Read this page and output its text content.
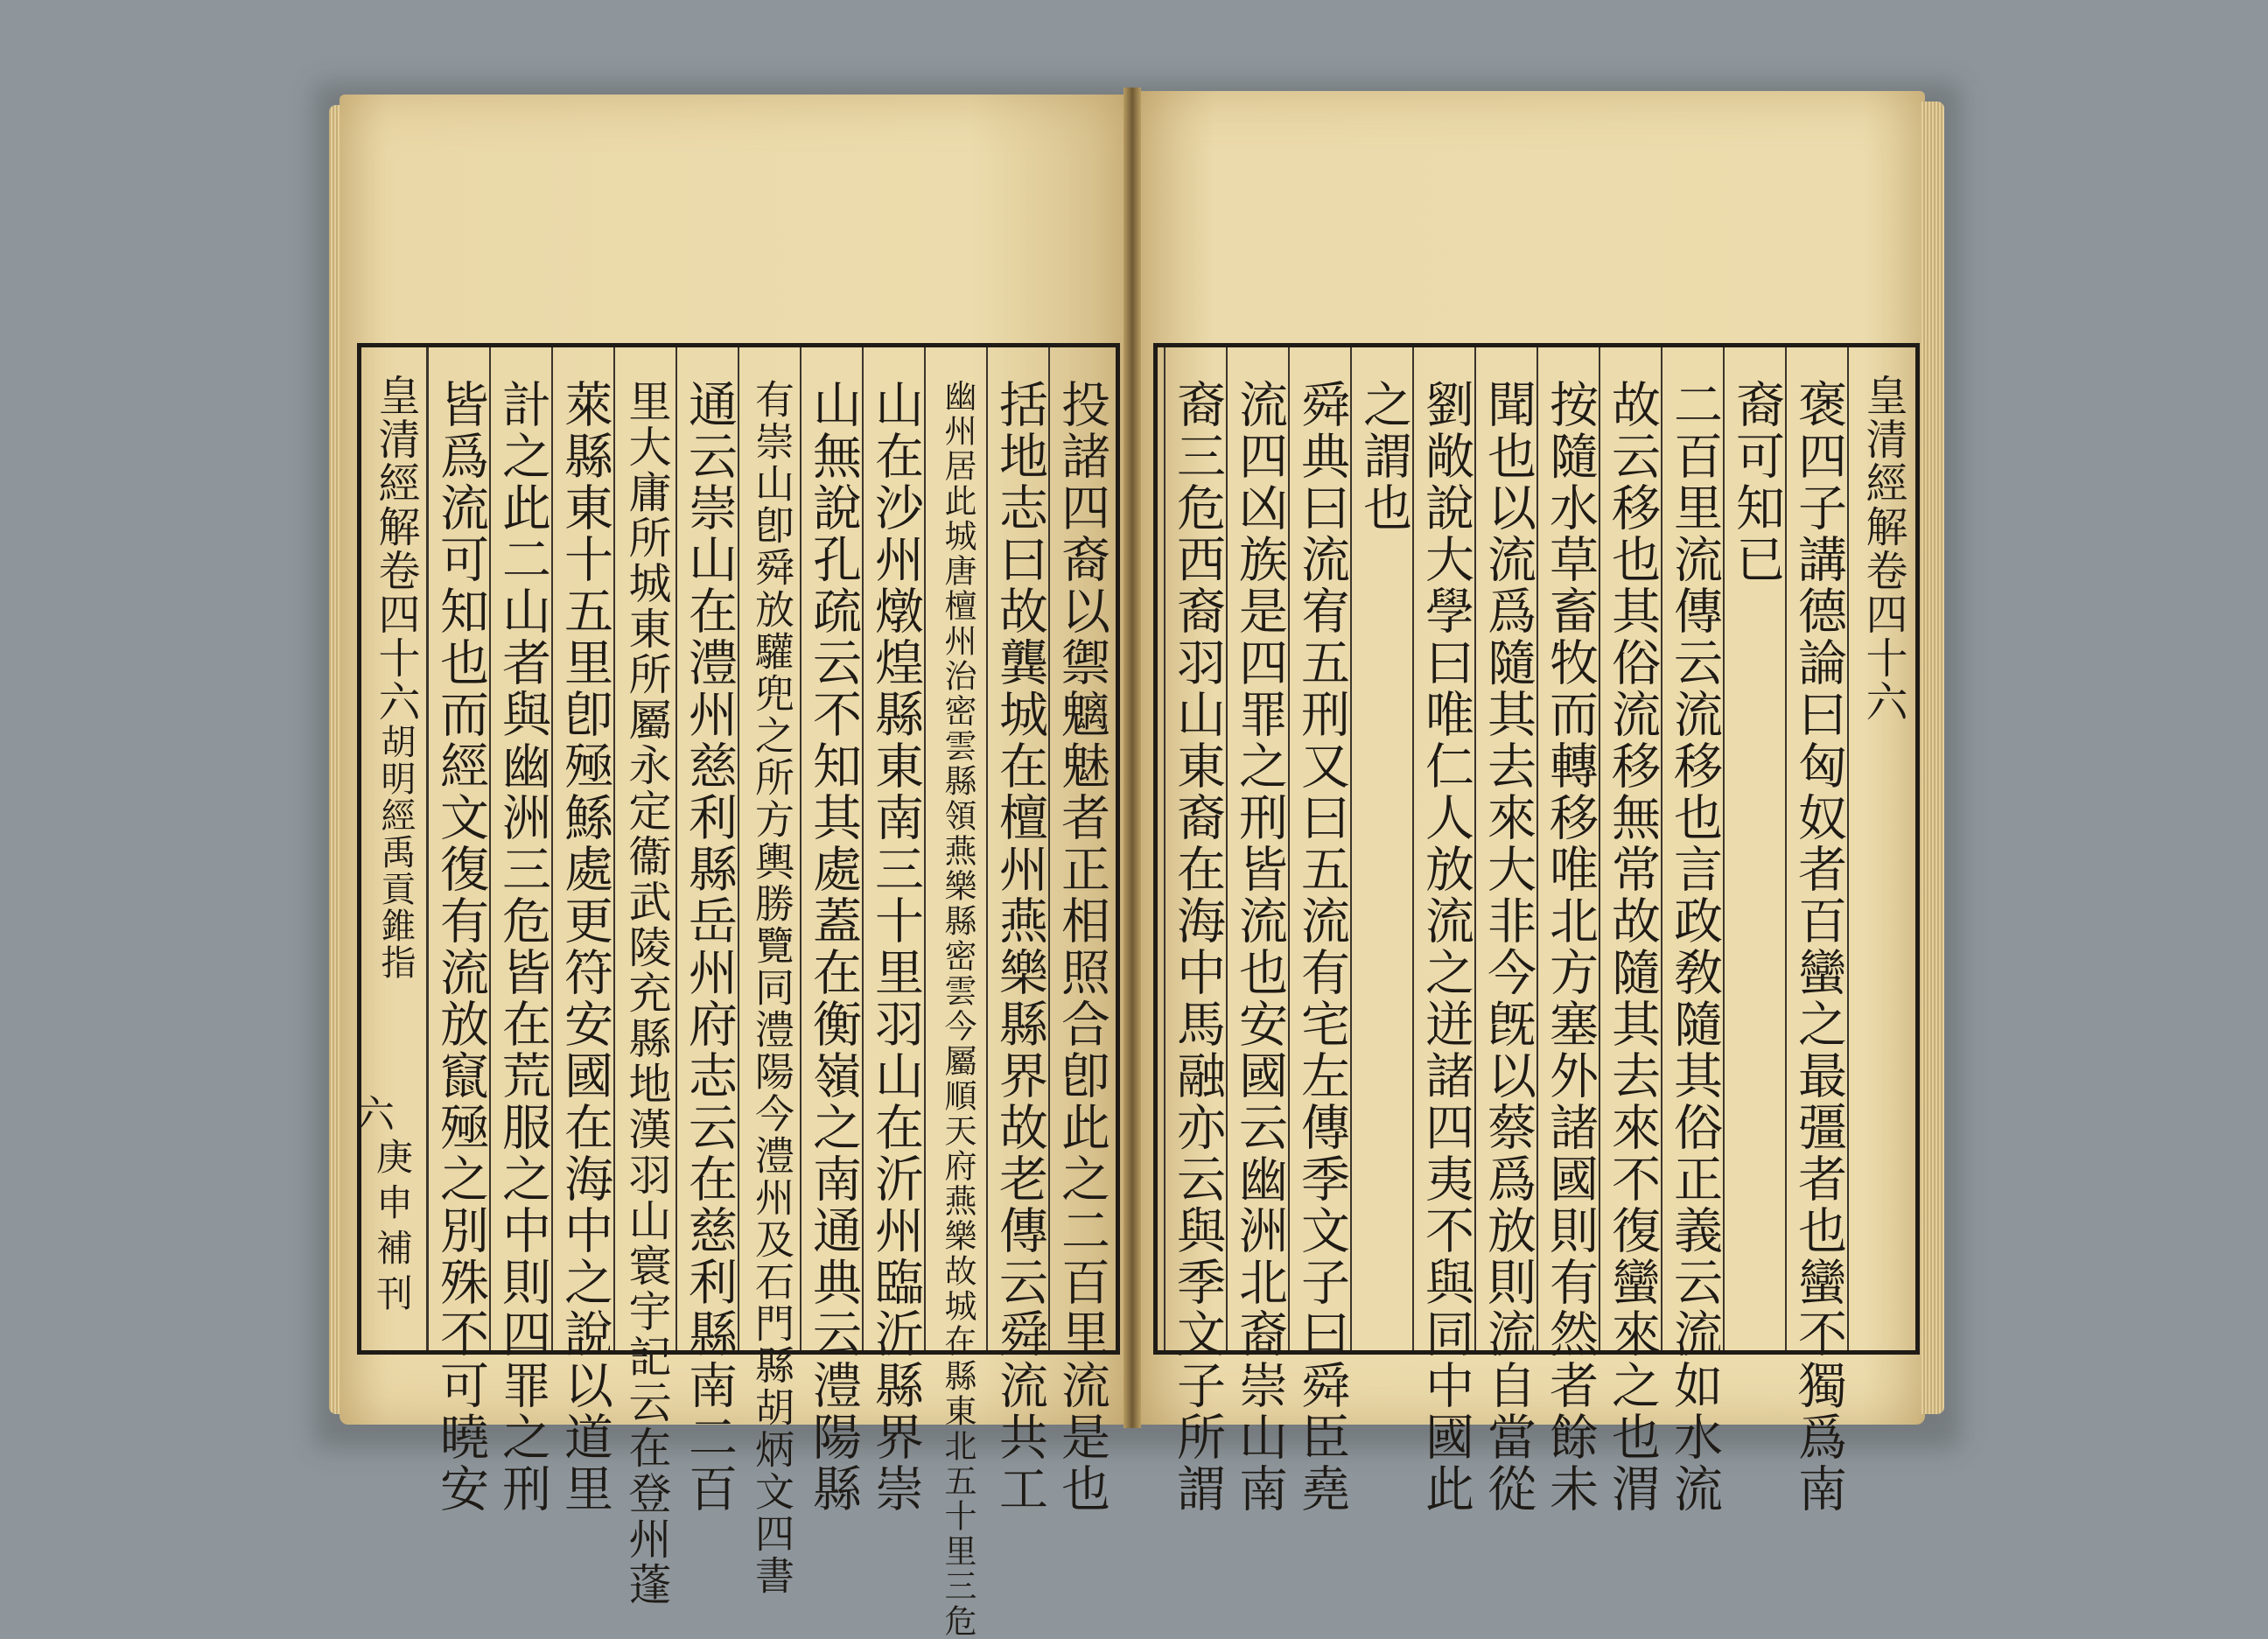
皇清經解卷四十六胡明經禹貢錐指	投諸四裔以禦魑魅者正相照合卽此之二百里流是也
括地志曰故龔城在檀州燕樂縣界故老傳云舜流共工
幽州居此城唐檀州治密雲縣領燕樂縣密雲今屬順天府燕樂故城在縣東北五十里三危
山在沙州燉煌縣東南三十里羽山在沂州臨沂縣界崇
山無說孔疏云不知其處蓋在衡嶺之南通典云澧陽縣
有崇山卽舜放驩兜之所方輿勝覽同澧陽今澧州及石門縣胡炳文四書
通云崇山在澧州慈利縣岳州府志云在慈利縣南二百
里大庸所城東所屬永定衞武陵充縣地漢羽山寰宇記云在登州蓬
萊縣東十五里卽殛鯀處更符安國在海中之說以道里
計之此二山者與幽洲三危皆在荒服之中則四罪之刑
皆爲流可知也而經文復有流放竄殛之別殊不可曉安
六
庚申補刊	褒四子講德論曰匈奴者百蠻之最彊者也蠻不獨爲南
裔可知已
二百里流傳云流移也言政敎隨其俗正義云流如水流
故云移也其俗流移無常故隨其去來不復蠻來之也渭
按隨水草畜牧而轉移唯北方塞外諸國則有然者餘未
聞也以流爲隨其去來大非今旣以蔡爲放則流自當從
劉敞說大學曰唯仁人放流之迸諸四夷不與同中國此
之謂也
舜典曰流宥五刑又曰五流有宅左傳季文子曰舜臣堯
流四凶族是四罪之刑皆流也安國云幽洲北裔崇山南
裔三危西裔羽山東裔在海中馬融亦云與季文子所謂	皇清經解卷四十六
